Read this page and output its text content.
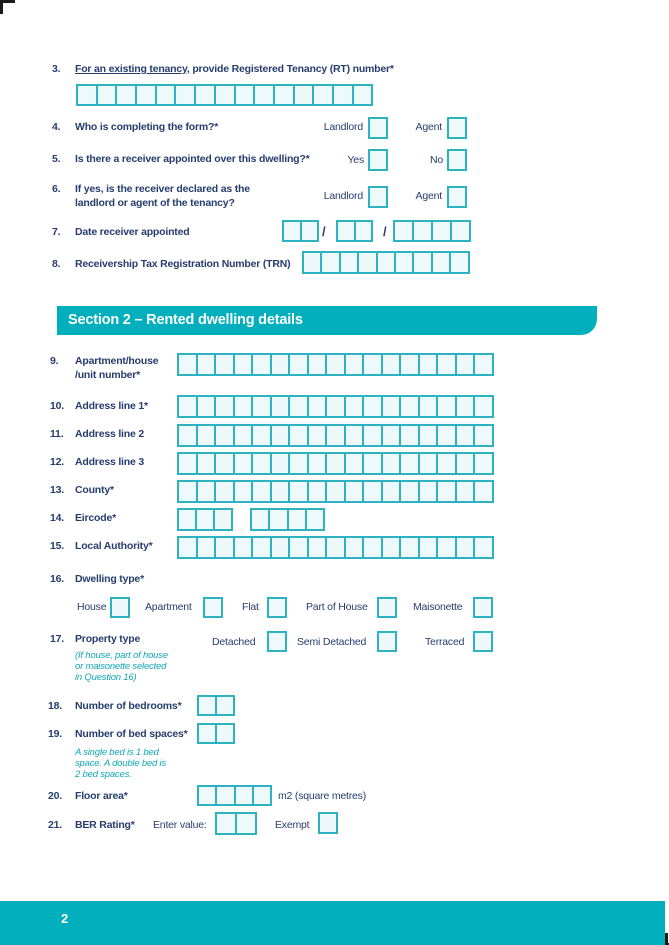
3. For an existing tenancy, provide Registered Tenancy (RT) number*
4. Who is completing the form?*	Landlord	Agent
5. Is there a receiver appointed over this dwelling?*	Yes	No
6. If yes, is the receiver declared as the
landlord or agent of the tenancy?
Landlord	Agent
7. Date receiver appointed	/	/
8. Receivership Tax Registration Number (TRN)
Section 2 – Rented dwelling details
9. Apartment/house
/unit number*
10. Address line 1*
11. Address line 2
12. Address line 3
13. County*
14. Eircode*
15. Local Authority*
16. Dwelling type*
House	Apartment	Flat	Part of House	Maisonette
17. Property type
(If house, part of house
or maisonette selected
in Question 16)
Detached	Semi Detached	Terraced
18. Number of bedrooms*
19. Number of bed spaces*
A single bed is 1 bed
space. A double bed is
2 bed spaces.
20. Floor area*	m2 (square metres)
21. BER Rating* Enter value:	Exempt
2
